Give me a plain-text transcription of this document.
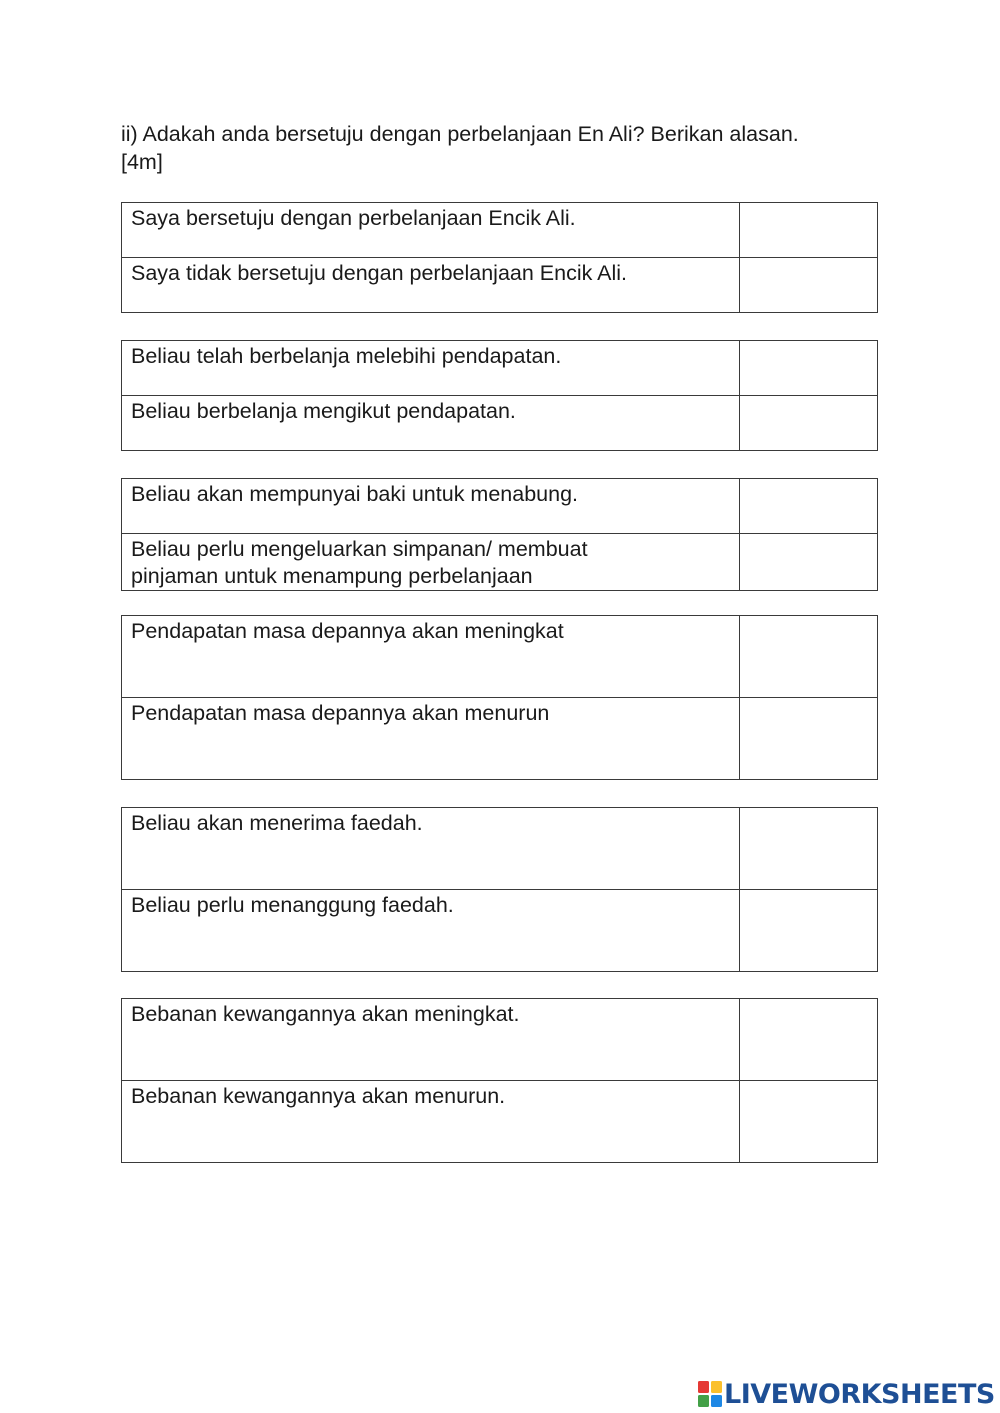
ii) Adakah anda bersetuju dengan perbelanjaan En Ali? Berikan alasan.
[4m]
Saya bersetuju dengan perbelanjaan Encik Ali.	
Saya tidak bersetuju dengan perbelanjaan Encik Ali.	
Beliau telah berbelanja melebihi pendapatan.	
Beliau berbelanja mengikut pendapatan.	
Beliau akan mempunyai baki untuk menabung.	

Beliau perlu mengeluarkan simpanan/ membuat
pinjaman untuk menampung perbelanjaan	

Pendapatan masa depannya akan meningkat	
Pendapatan masa depannya akan menurun	
Beliau akan menerima faedah.	
Beliau perlu menanggung faedah.	
Bebanan kewangannya akan meningkat.	
Bebanan kewangannya akan menurun.	
LIVEWORKSHEETS
